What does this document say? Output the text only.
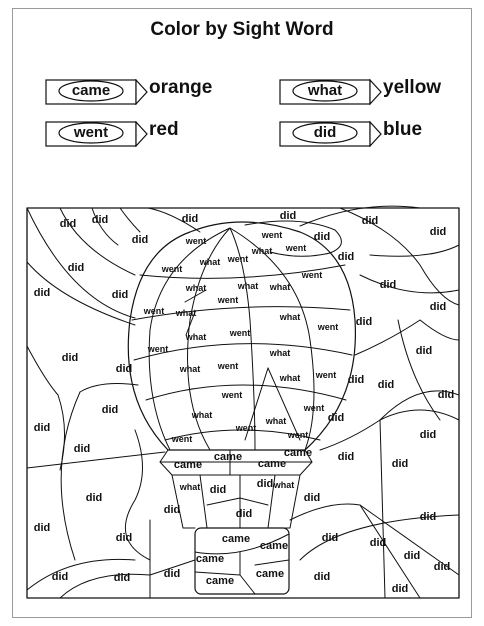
Color by Sight Word
came	orange	what	yellow
went	red	did	blue
did did
did
did	did
did
did
did
did
did
did
did
did
did
did
did
did
did
did did
did
did
did
did
did
did
did
did
did
did	did
did
did	did	did
did
did	did	did
did
did	did	did	did
did
did
went
went
went
went
went
went
went
went
went
went
went
went
went
went
went
went
went	went
what
what
what	what what
what	what
what
what
what
what
what
what
what	what
came
came	came
came
came
came
came
came
came
